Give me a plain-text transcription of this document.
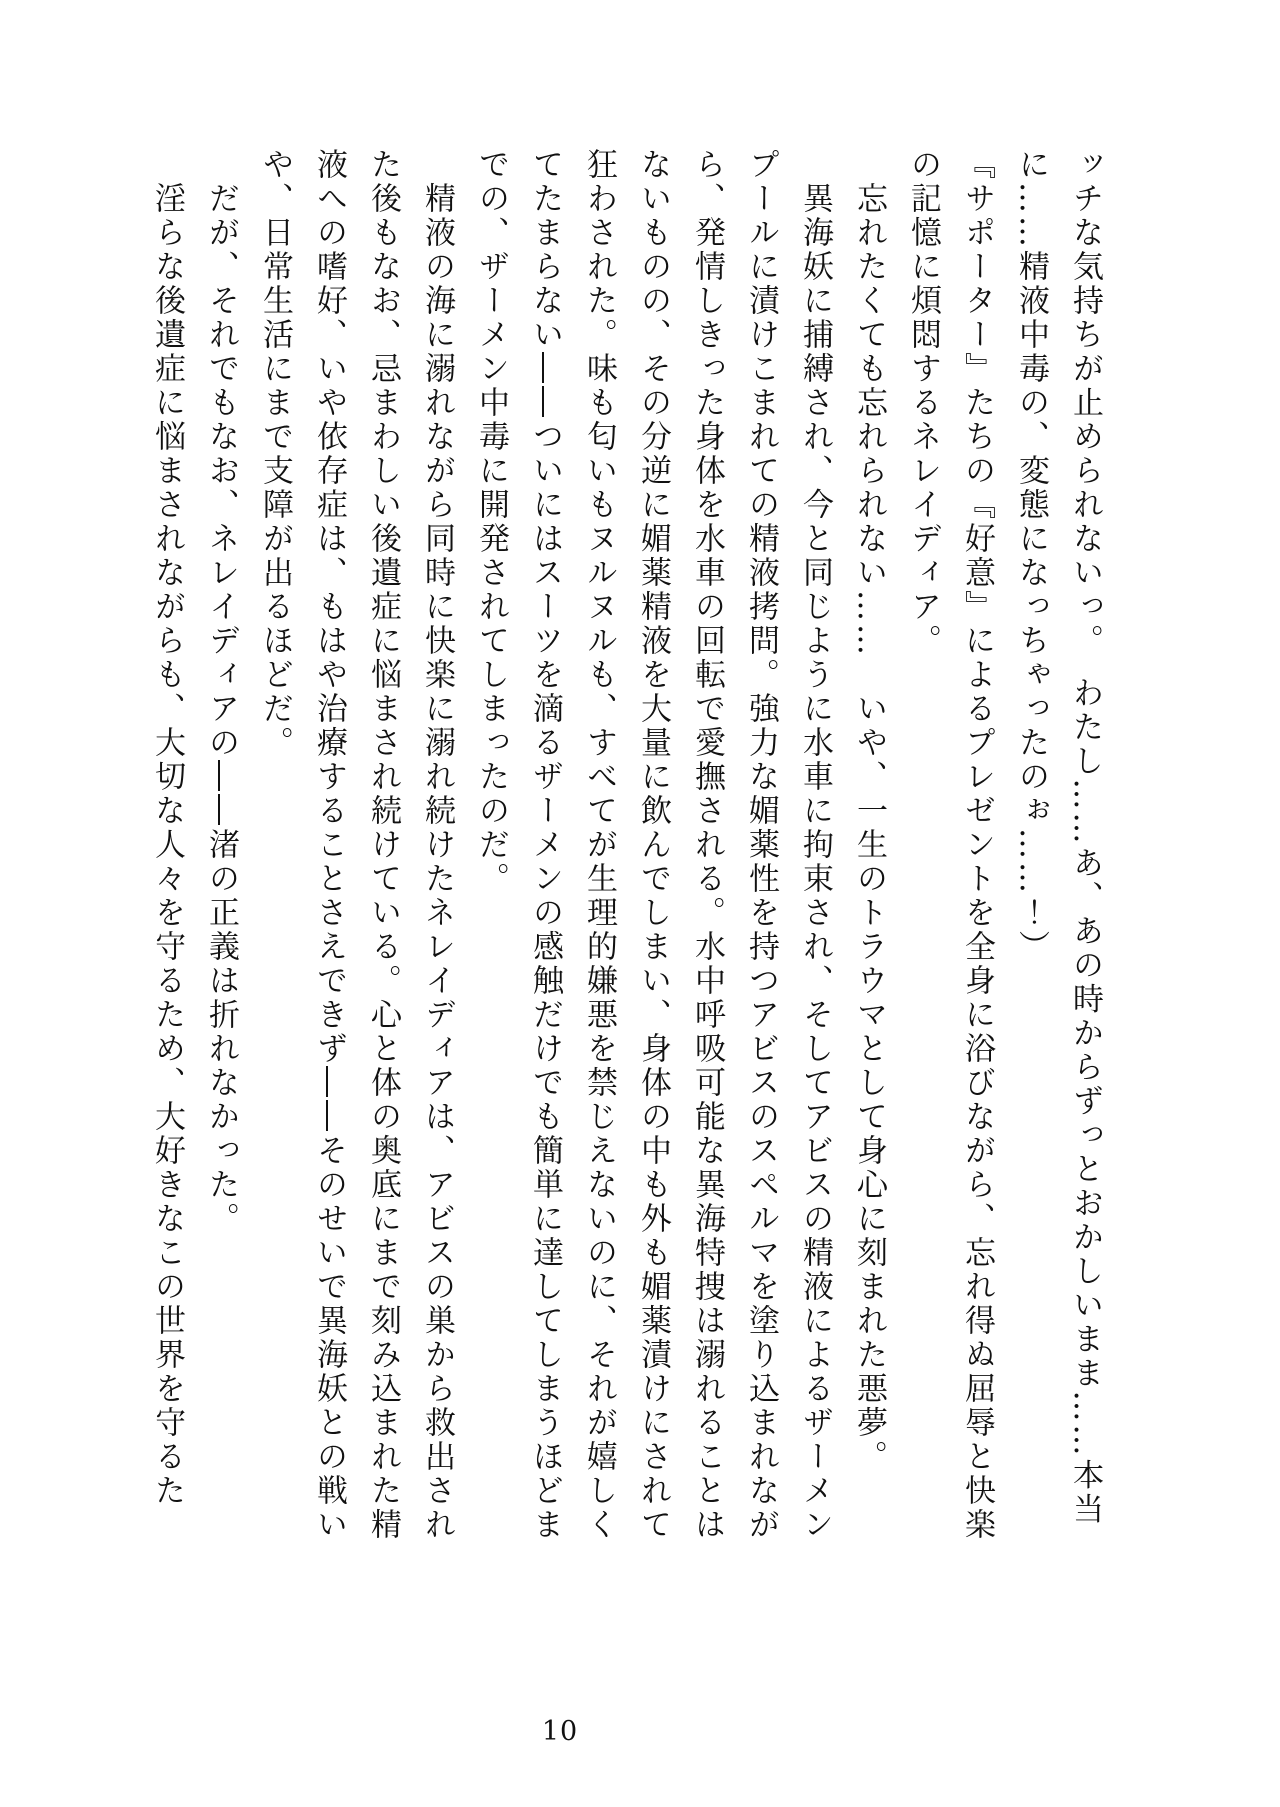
ッチな気持ちが止められないっ。　わたし……あ、あの時からずっとおかしいまま……本当に……精液中毒の、変態になっちゃったのぉ……！）

『サポーター』たちの『好意』によるプレゼントを全身に浴びながら、忘れ得ぬ屈辱と快楽の記憶に煩悶するネレイディア。

忘れたくても忘れられない……　いや、一生のトラウマとして身心に刻まれた悪夢。

異海妖に捕縛され、今と同じように水車に拘束され、そしてアビスの精液によるザーメンプールに漬けこまれての精液拷問。強力な媚薬性を持つアビスのスペルマを塗り込まれながら、発情しきった身体を水車の回転で愛撫される。水中呼吸可能な異海特捜は溺れることはないものの、その分逆に媚薬精液を大量に飲んでしまい、身体の中も外も媚薬漬けにされて狂わされた。味も匂いもヌルヌルも、すべてが生理的嫌悪を禁じえないのに、それが嬉しくてたまらない――ついにはスーツを滴るザーメンの感触だけでも簡単に達してしまうほどまでの、ザーメン中毒に開発されてしまったのだ。

精液の海に溺れながら同時に快楽に溺れ続けたネレイディアは、アビスの巣から救出された後もなお、忌まわしい後遺症に悩まされ続けている。心と体の奥底にまで刻み込まれた精液への嗜好、いや依存症は、もはや治療することさえできず――そのせいで異海妖との戦いや、日常生活にまで支障が出るほどだ。

だが、それでもなお、ネレイディアの――渚の正義は折れなかった。

淫らな後遺症に悩まされながらも、大切な人々を守るため、大好きなこの世界を守るた

10
